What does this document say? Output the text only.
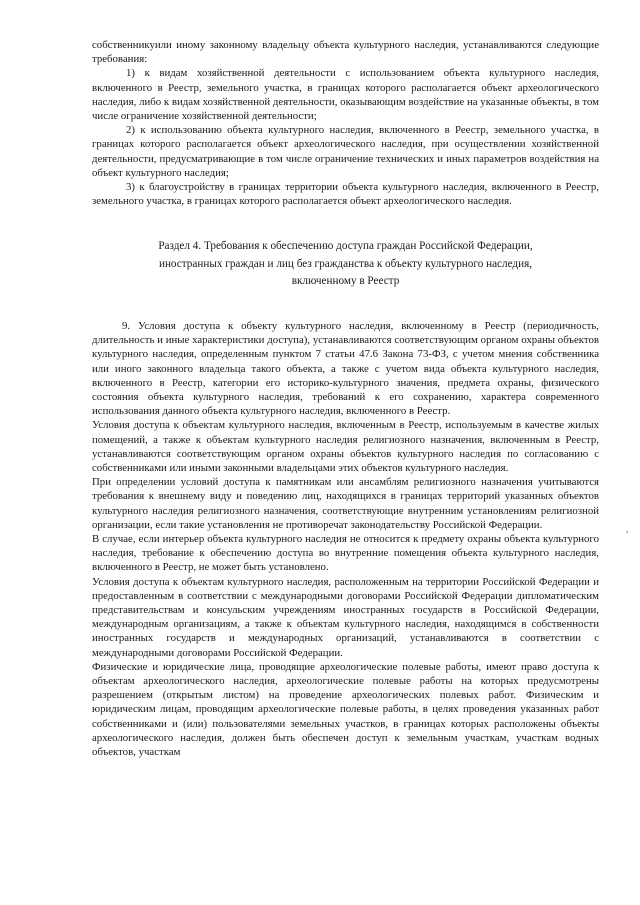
собственникуили иному законному владельцу объекта культурного наследия, устанавливаются следующие требования:

1) к видам хозяйственной деятельности с использованием объекта культурного наследия, включенного в Реестр, земельного участка, в границах которого располагается объект археологического наследия, либо к видам хозяйственной деятельности, оказывающим воздействие на указанные объекты, в том числе ограничение хозяйственной деятельности;

2) к использованию объекта культурного наследия, включенного в Реестр, земельного участка, в границах которого располагается объект археологического наследия, при осуществлении хозяйственной деятельности, предусматривающие в том числе ограничение технических и иных параметров воздействия на объект культурного наследия;

3) к благоустройству в границах территории объекта культурного наследия, включенного в Реестр, земельного участка, в границах которого располагается объект археологического наследия.

Раздел 4. Требования к обеспечению доступа граждан Российской Федерации,
иностранных граждан и лиц без гражданства к объекту культурного наследия,
включенному в Реестр

9. Условия доступа к объекту культурного наследия, включенному в Реестр (периодичность, длительность и иные характеристики доступа), устанавливаются соответствующим органом охраны объектов культурного наследия, определенным пунктом 7 статьи 47.6 Закона 73-ФЗ, с учетом мнения собственника или иного законного владельца такого объекта, а также с учетом вида объекта культурного наследия, включенного в Реестр, категории его историко-культурного значения, предмета охраны, физического состояния объекта культурного наследия, требований к его сохранению, характера современного использования данного объекта культурного наследия, включенного в Реестр.

Условия доступа к объектам культурного наследия, включенным в Реестр, используемым в качестве жилых помещений, а также к объектам культурного наследия религиозного назначения, включенным в Реестр, устанавливаются соответствующим органом охраны объектов культурного наследия по согласованию с собственниками или иными законными владельцами этих объектов культурного наследия.

При определении условий доступа к памятникам или ансамблям религиозного назначения учитываются требования к внешнему виду и поведению лиц, находящихся в границах территорий указанных объектов культурного наследия религиозного назначения, соответствующие внутренним установлениям религиозной организации, если такие установления не противоречат законодательству Российской Федерации.

В случае, если интерьер объекта культурного наследия не относится к предмету охраны объекта культурного наследия, требование к обеспечению доступа во внутренние помещения объекта культурного наследия, включенного в Реестр, не может быть установлено.

Условия доступа к объектам культурного наследия, расположенным на территории Российской Федерации и предоставленным в соответствии с международными договорами Российской Федерации дипломатическим представительствам и консульским учреждениям иностранных государств в Российской Федерации, международным организациям, а также к объектам культурного наследия, находящимся в собственности иностранных государств и международных организаций, устанавливаются в соответствии с международными договорами Российской Федерации.

Физические и юридические лица, проводящие археологические полевые работы, имеют право доступа к объектам археологического наследия, археологические полевые работы на которых предусмотрены разрешением (открытым листом) на проведение археологических полевых работ. Физическим и юридическим лицам, проводящим археологические полевые работы, в целях проведения указанных работ собственниками и (или) пользователями земельных участков, в границах которых расположены объекты археологического наследия, должен быть обеспечен доступ к земельным участкам, участкам водных объектов, участкам

,
